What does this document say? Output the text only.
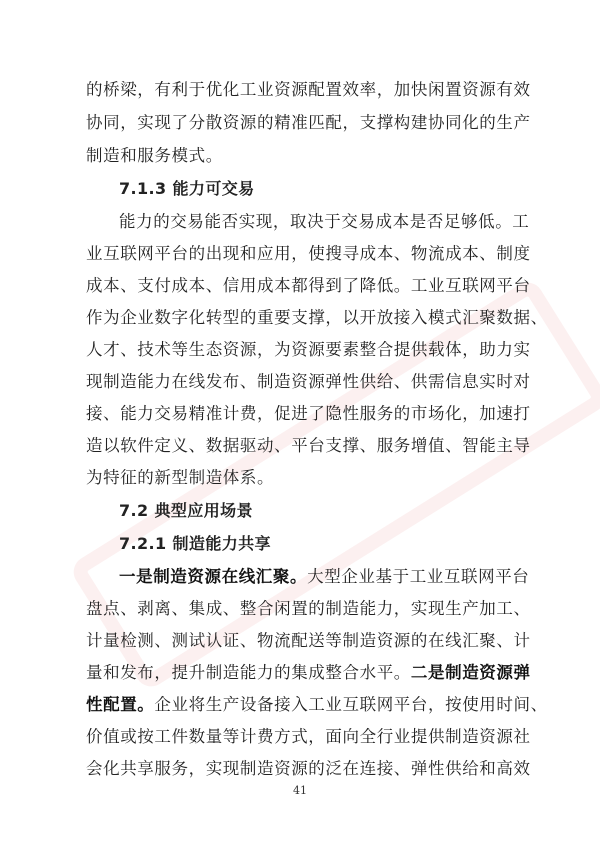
的桥梁，有利于优化工业资源配置效率，加快闲置资源有效
协同，实现了分散资源的精准匹配，支撑构建协同化的生产
制造和服务模式。
7.1.3 能力可交易
能力的交易能否实现，取决于交易成本是否足够低。工
业互联网平台的出现和应用，使搜寻成本、物流成本、制度
成本、支付成本、信用成本都得到了降低。工业互联网平台
作为企业数字化转型的重要支撑，以开放接入模式汇聚数据、
人才、技术等生态资源，为资源要素整合提供载体，助力实
现制造能力在线发布、制造资源弹性供给、供需信息实时对
接、能力交易精准计费，促进了隐性服务的市场化，加速打
造以软件定义、数据驱动、平台支撑、服务增值、智能主导
为特征的新型制造体系。
7.2 典型应用场景
7.2.1 制造能力共享
一是制造资源在线汇聚。大型企业基于工业互联网平台
盘点、剥离、集成、整合闲置的制造能力，实现生产加工、
计量检测、测试认证、物流配送等制造资源的在线汇聚、计
量和发布，提升制造能力的集成整合水平。二是制造资源弹
性配置。企业将生产设备接入工业互联网平台，按使用时间、
价值或按工件数量等计费方式，面向全行业提供制造资源社
会化共享服务，实现制造资源的泛在连接、弹性供给和高效
41
